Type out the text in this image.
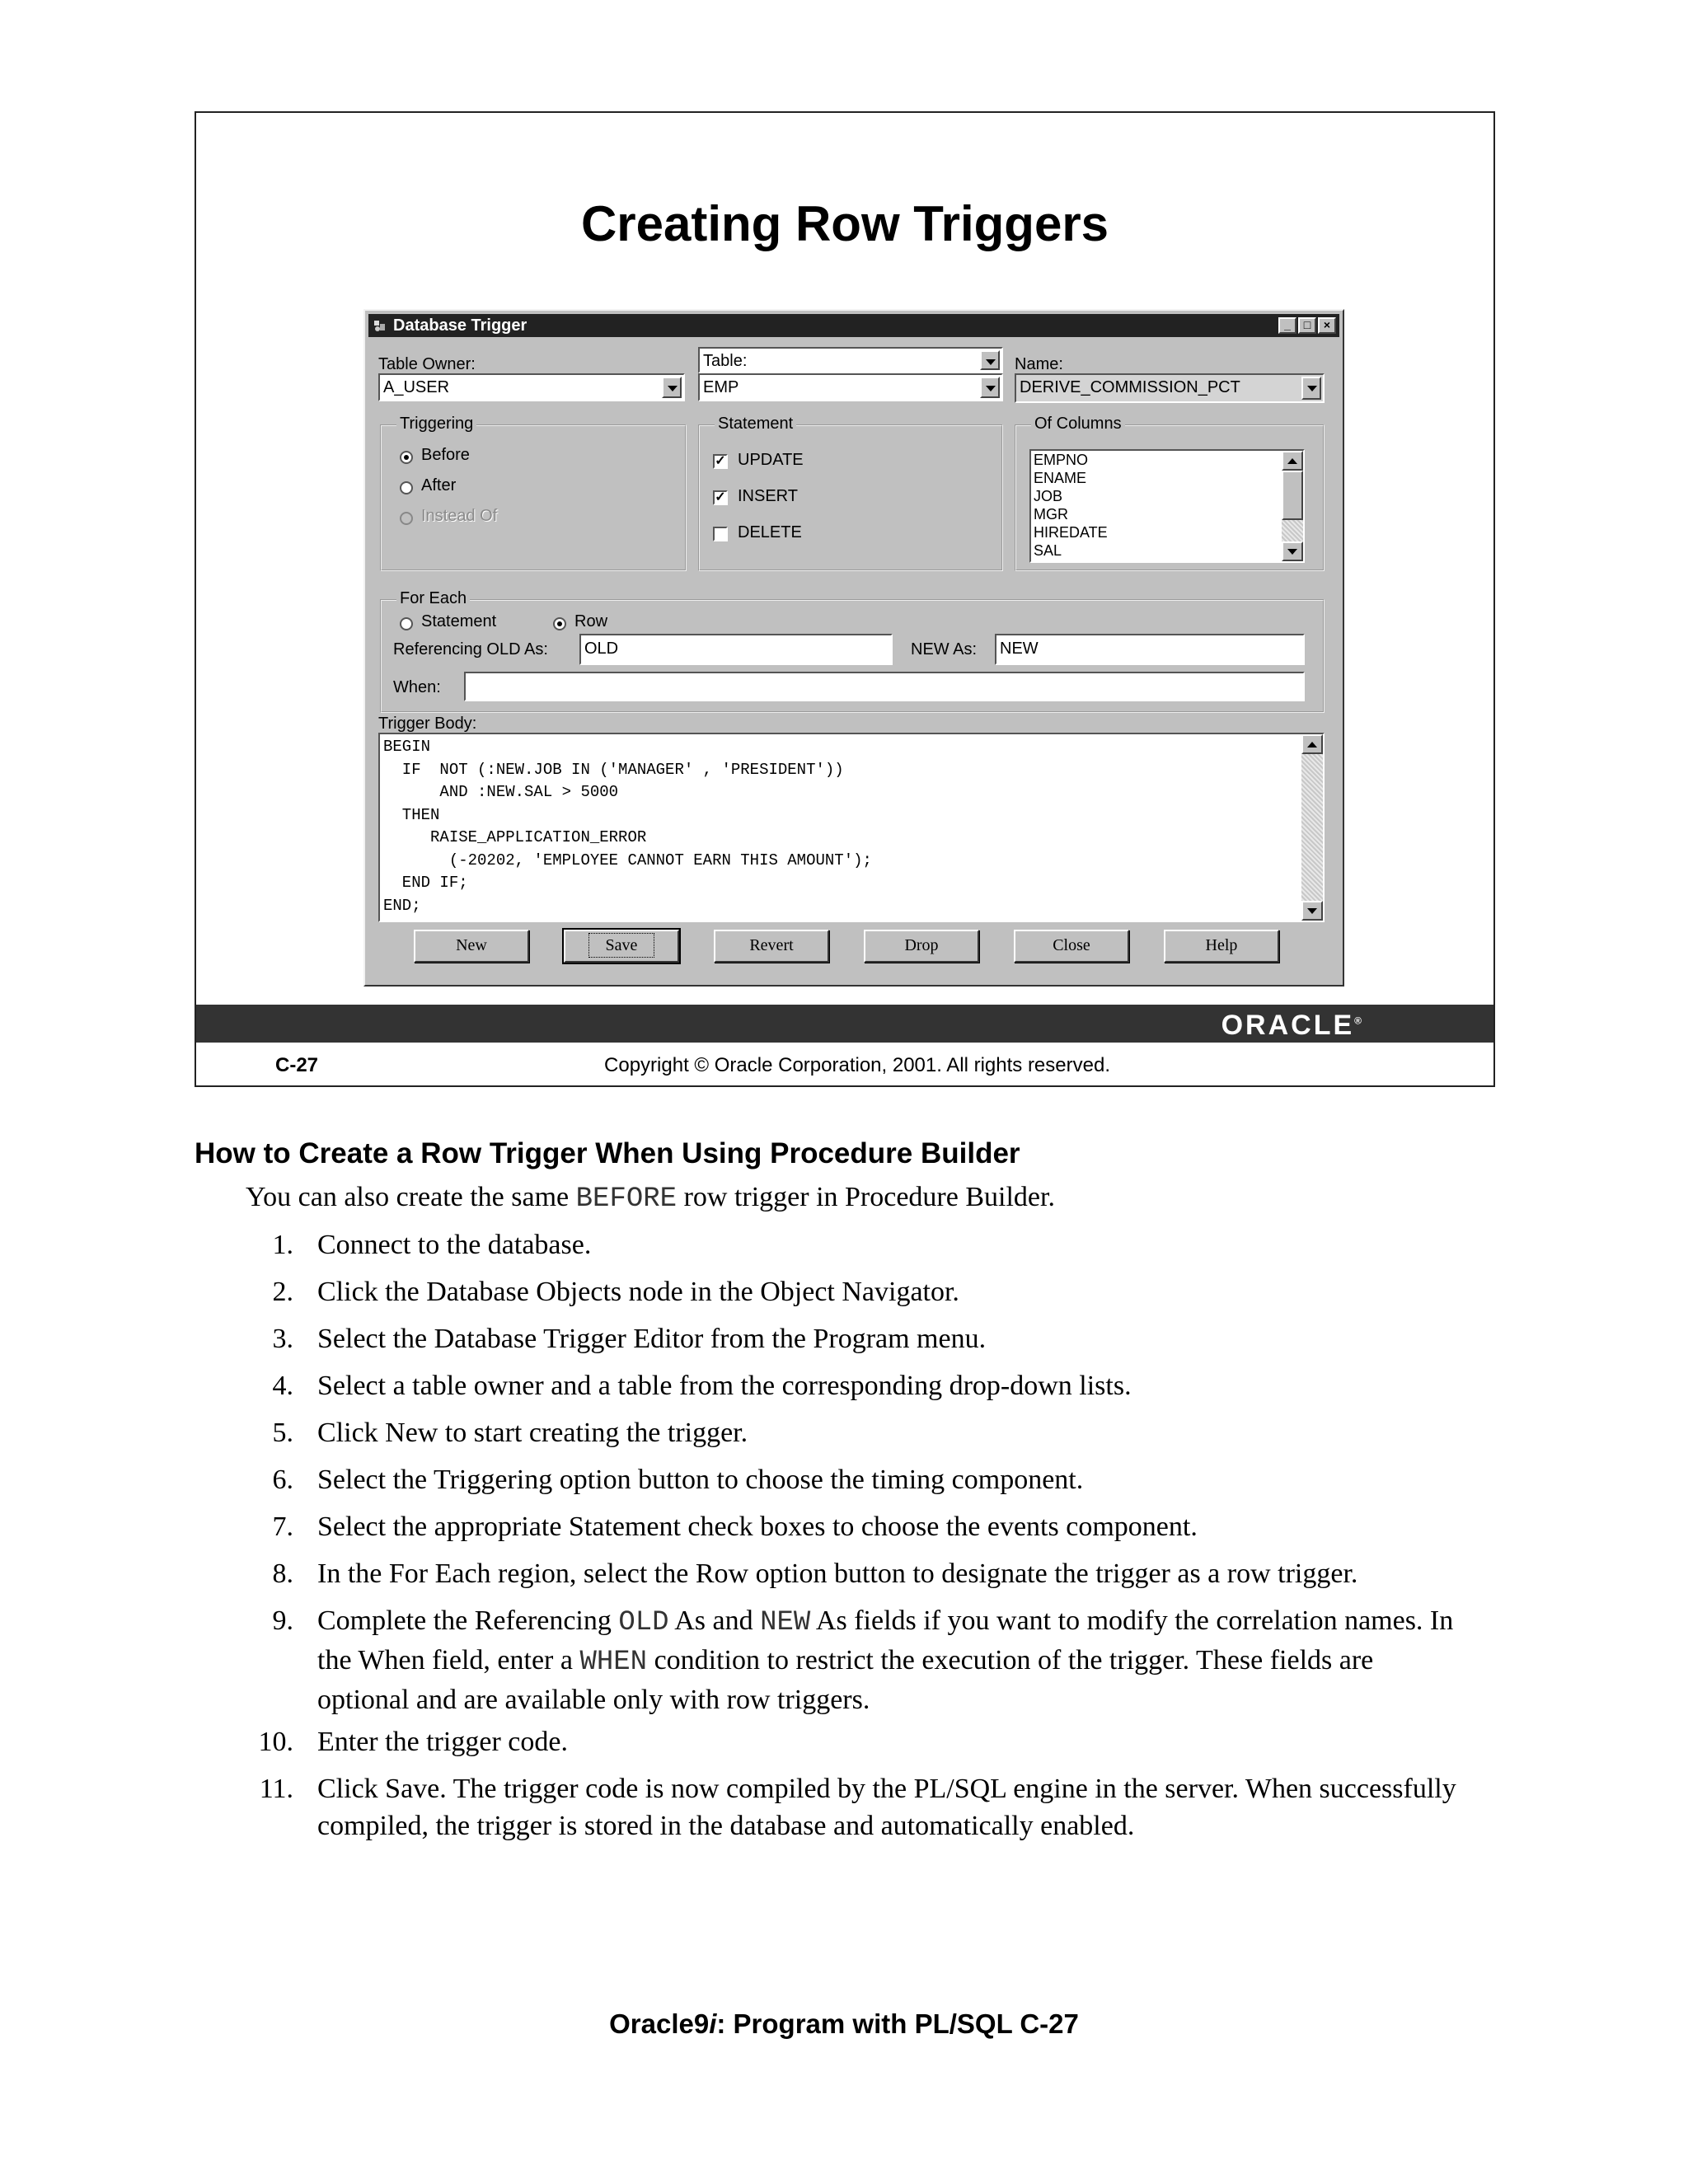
Creating Row Triggers
Database Trigger	_	□	×
Table Owner:
A_USER
Table:
EMP
Name:
DERIVE_COMMISSION_PCT
Triggering
Before
After
Instead Of
Statement
✓ UPDATE
✓ INSERT
DELETE
Of Columns
EMPNO
ENAME
JOB
MGR
HIREDATE
SAL
For Each
Statement	Row
Referencing OLD As:	OLD	NEW As:	NEW
When:
Trigger Body:
BEGIN
IF  NOT (:NEW.JOB IN ('MANAGER' , 'PRESIDENT'))
AND :NEW.SAL > 5000
THEN
RAISE_APPLICATION_ERROR
(-20202, 'EMPLOYEE CANNOT EARN THIS AMOUNT');
END IF;
END;
ORACLE®
C-27	Copyright © Oracle Corporation, 2001. All rights reserved.
New	Save	Revert	Drop	Close	Help
How to Create a Row Trigger When Using Procedure Builder
You can also create the same BEFORE row trigger in Procedure Builder.
1. Connect to the database.
2. Click the Database Objects node in the Object Navigator.
3. Select the Database Trigger Editor from the Program menu.
4. Select a table owner and a table from the corresponding drop-down lists.
5. Click New to start creating the trigger.
6. Select the Triggering option button to choose the timing component.
7. Select the appropriate Statement check boxes to choose the events component.
8. In the For Each region, select the Row option button to designate the trigger as a row trigger.
9. Complete the Referencing OLD As and NEW As fields if you want to modify the correlation names. In the When field, enter a WHEN condition to restrict the execution of the trigger. These fields are optional and are available only with row triggers.
10. Enter the trigger code.
11. Click Save. The trigger code is now compiled by the PL/SQL engine in the server. When successfully compiled, the trigger is stored in the database and automatically enabled.
Oracle9i: Program with PL/SQL C-27
